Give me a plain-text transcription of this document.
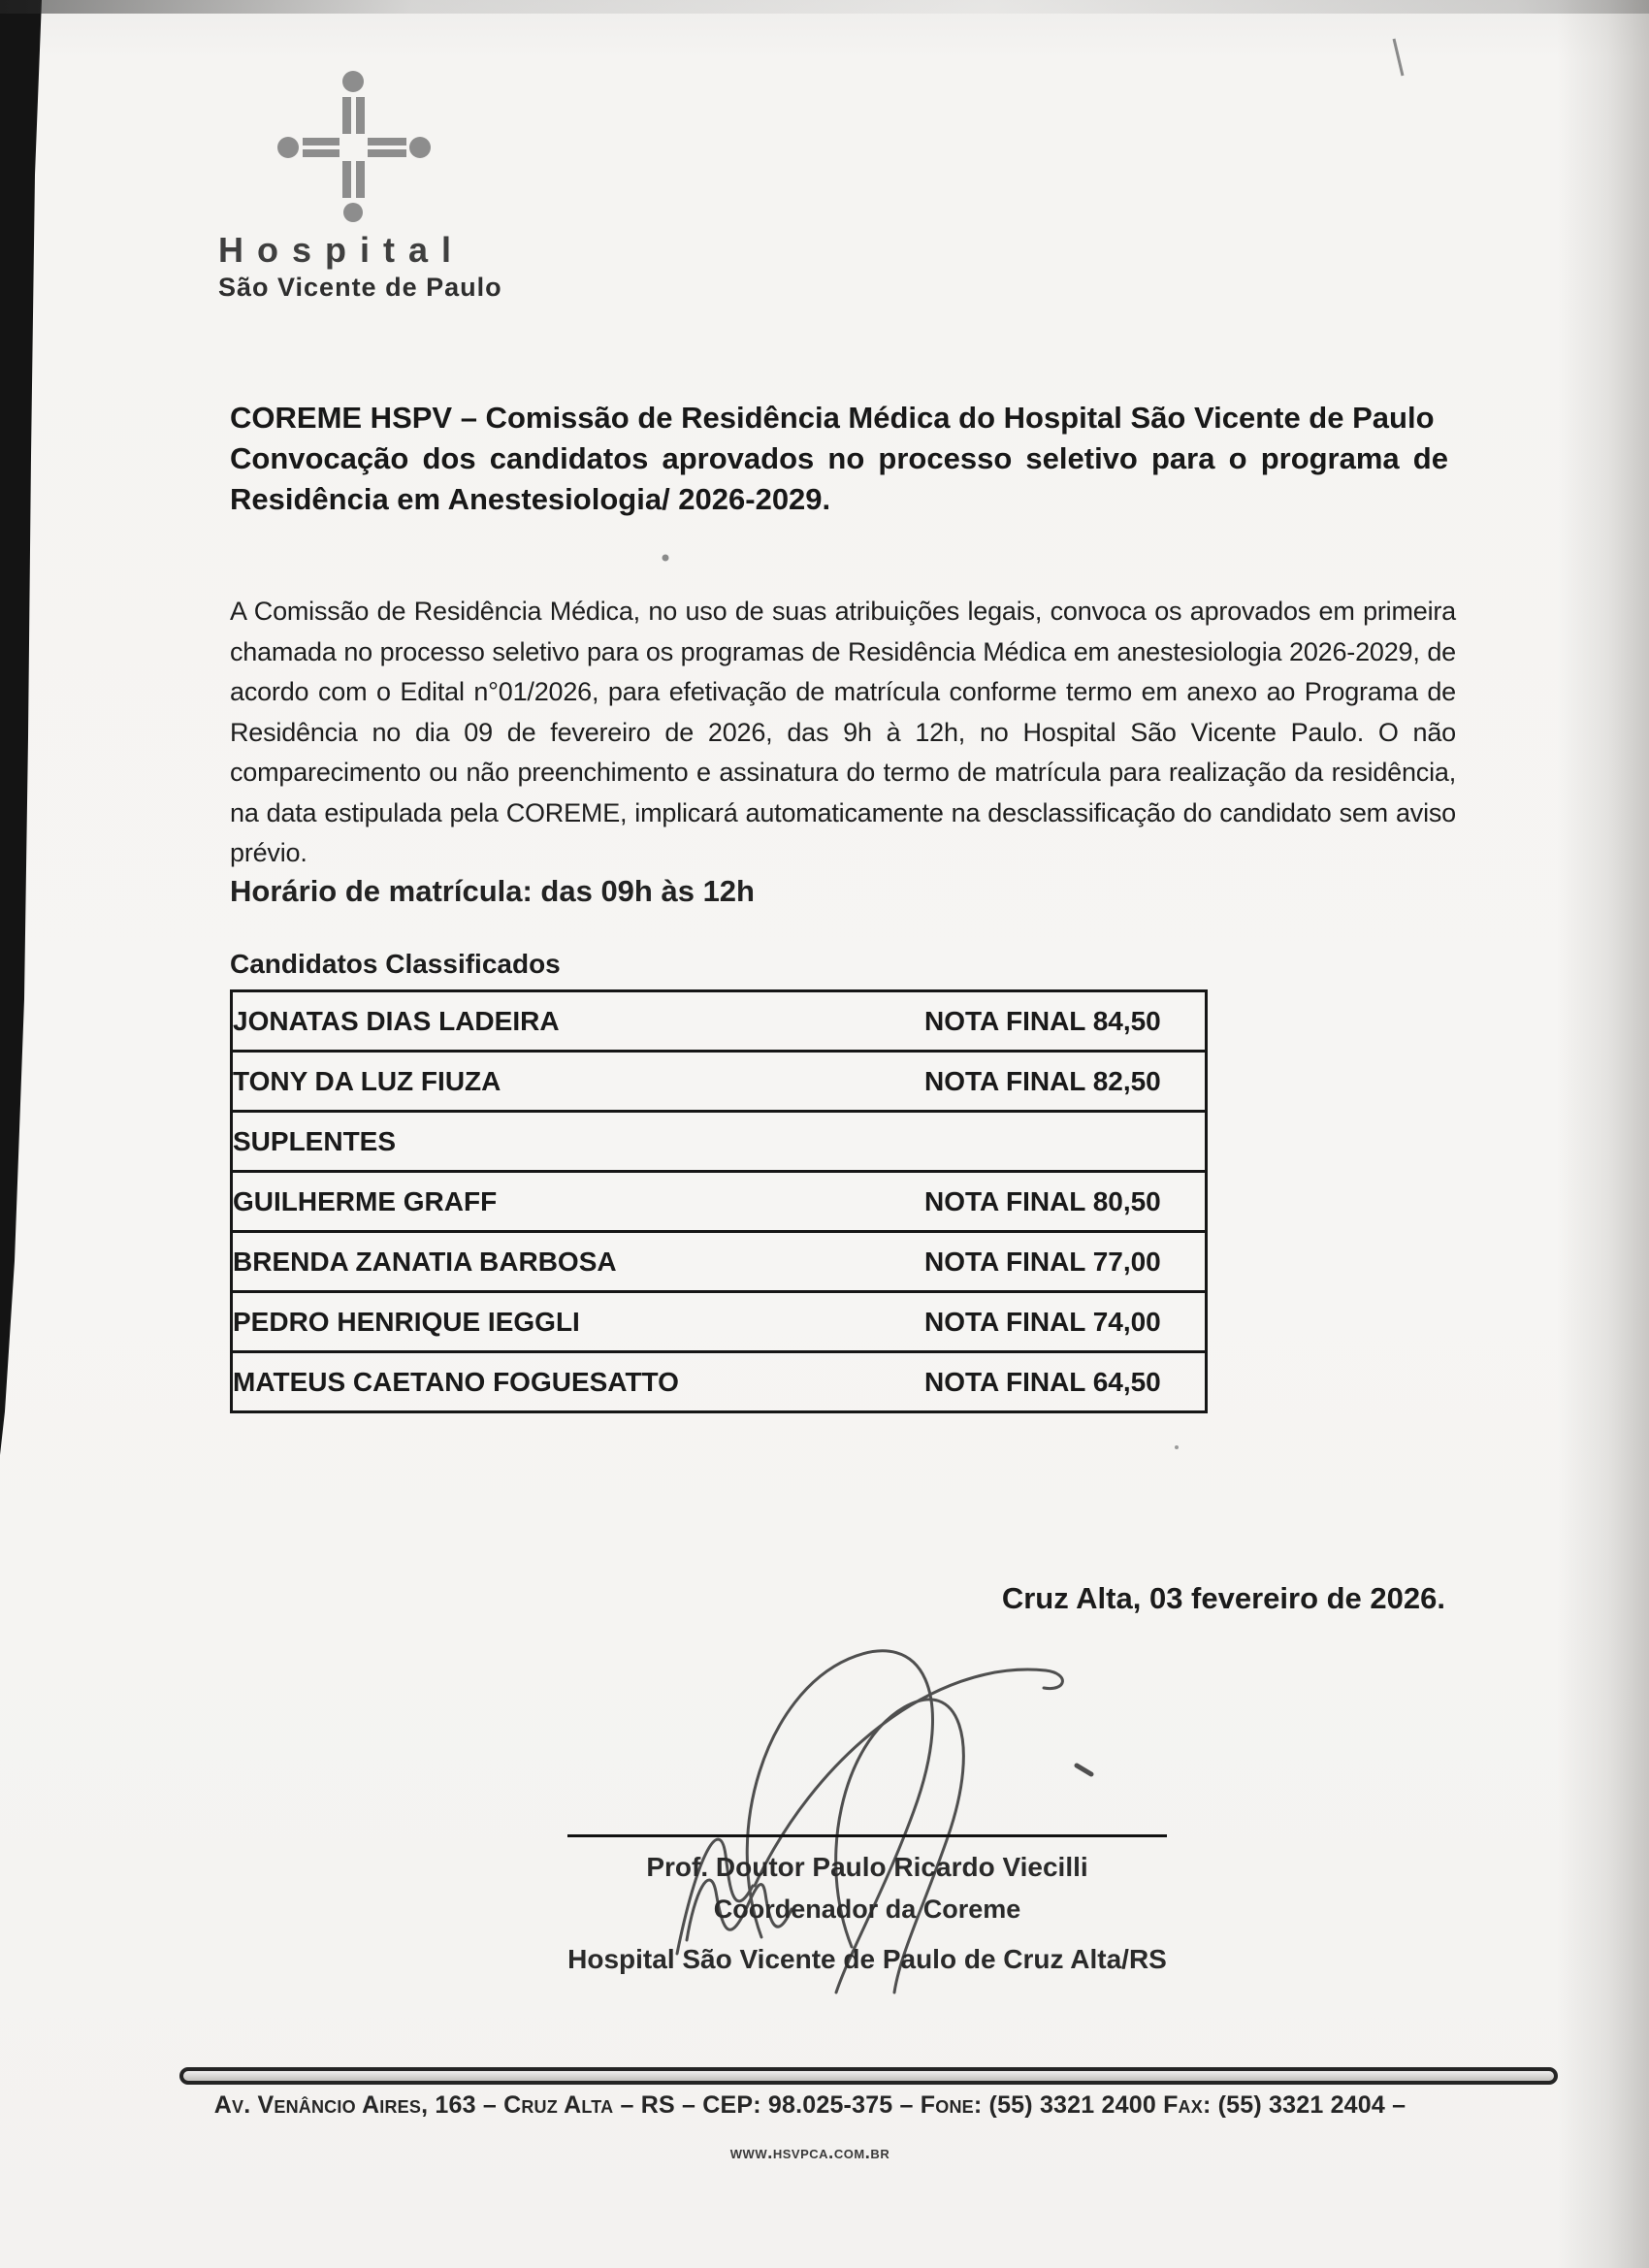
Hospital
São Vicente de Paulo
COREME HSPV – Comissão de Residência Médica do Hospital São Vicente de Paulo
Convocação dos candidatos aprovados no processo seletivo para o programa de Residência em Anestesiologia/ 2026-2029.
A Comissão de Residência Médica, no uso de suas atribuições legais, convoca os aprovados em primeira chamada no processo seletivo para os programas de Residência Médica em anestesiologia 2026-2029, de acordo com o Edital n°01/2026, para efetivação de matrícula conforme termo em anexo ao Programa de Residência no dia 09 de fevereiro de 2026, das 9h à 12h, no Hospital São Vicente Paulo. O não comparecimento ou não preenchimento e assinatura do termo de matrícula para realização da residência, na data estipulada pela COREME, implicará automaticamente na desclassificação do candidato sem aviso prévio.
Horário de matrícula: das 09h às 12h
Candidatos Classificados
JONATAS DIAS LADEIRA	NOTA FINAL 84,50
TONY DA LUZ FIUZA	NOTA FINAL 82,50
SUPLENTES	
GUILHERME GRAFF	NOTA FINAL 80,50
BRENDA ZANATIA BARBOSA	NOTA FINAL 77,00
PEDRO HENRIQUE IEGGLI	NOTA FINAL 74,00
MATEUS CAETANO FOGUESATTO	NOTA FINAL 64,50
Cruz Alta, 03 fevereiro de 2026.
Prof. Doutor Paulo Ricardo Viecilli
Coordenador da Coreme
Hospital São Vicente de Paulo de Cruz Alta/RS
Av. Venâncio Aires, 163 – Cruz Alta – RS – CEP: 98.025-375 – Fone: (55) 3321 2400 Fax: (55) 3321 2404 –
www.hsvpca.com.br
